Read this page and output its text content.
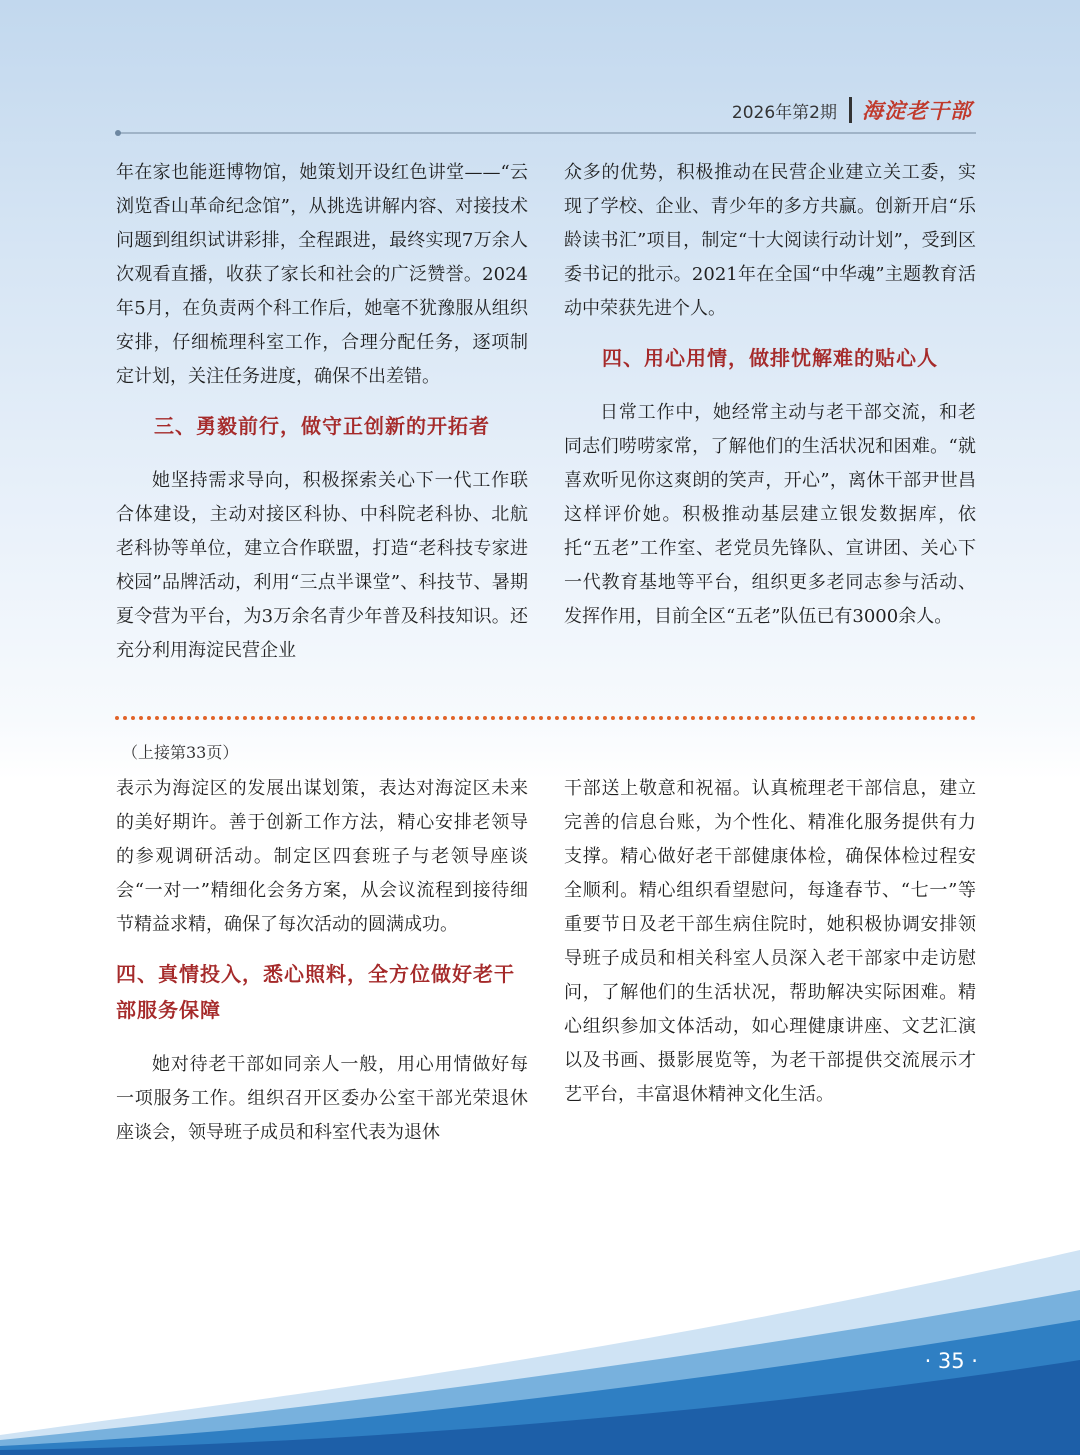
2026年第2期 海淀老干部

年在家也能逛博物馆，她策划开设红色讲堂——“云浏览香山革命纪念馆”，从挑选讲解内容、对接技术问题到组织试讲彩排，全程跟进，最终实现7万余人次观看直播，收获了家长和社会的广泛赞誉。2024年5月，在负责两个科工作后，她毫不犹豫服从组织安排，仔细梳理科室工作，合理分配任务，逐项制定计划，关注任务进度，确保不出差错。

三、勇毅前行，做守正创新的开拓者

她坚持需求导向，积极探索关心下一代工作联合体建设，主动对接区科协、中科院老科协、北航老科协等单位，建立合作联盟，打造“老科技专家进校园”品牌活动，利用“三点半课堂”、科技节、暑期夏令营为平台，为3万余名青少年普及科技知识。还充分利用海淀民营企业

众多的优势，积极推动在民营企业建立关工委，实现了学校、企业、青少年的多方共赢。创新开启“乐龄读书汇”项目，制定“十大阅读行动计划”，受到区委书记的批示。2021年在全国“中华魂”主题教育活动中荣获先进个人。

四、用心用情，做排忧解难的贴心人

日常工作中，她经常主动与老干部交流，和老同志们唠唠家常，了解他们的生活状况和困难。“就喜欢听见你这爽朗的笑声，开心”，离休干部尹世昌这样评价她。积极推动基层建立银发数据库，依托“五老”工作室、老党员先锋队、宣讲团、关心下一代教育基地等平台，组织更多老同志参与活动、发挥作用，目前全区“五老”队伍已有3000余人。

（上接第33页）

表示为海淀区的发展出谋划策，表达对海淀区未来的美好期许。善于创新工作方法，精心安排老领导的参观调研活动。制定区四套班子与老领导座谈会“一对一”精细化会务方案，从会议流程到接待细节精益求精，确保了每次活动的圆满成功。

四、真情投入，悉心照料，全方位做好老干部服务保障

她对待老干部如同亲人一般，用心用情做好每一项服务工作。组织召开区委办公室干部光荣退休座谈会，领导班子成员和科室代表为退休

干部送上敬意和祝福。认真梳理老干部信息，建立完善的信息台账，为个性化、精准化服务提供有力支撑。精心做好老干部健康体检，确保体检过程安全顺利。精心组织看望慰问，每逢春节、“七一”等重要节日及老干部生病住院时，她积极协调安排领导班子成员和相关科室人员深入老干部家中走访慰问，了解他们的生活状况，帮助解决实际困难。精心组织参加文体活动，如心理健康讲座、文艺汇演以及书画、摄影展览等，为老干部提供交流展示才艺平台，丰富退休精神文化生活。

· 35 ·
